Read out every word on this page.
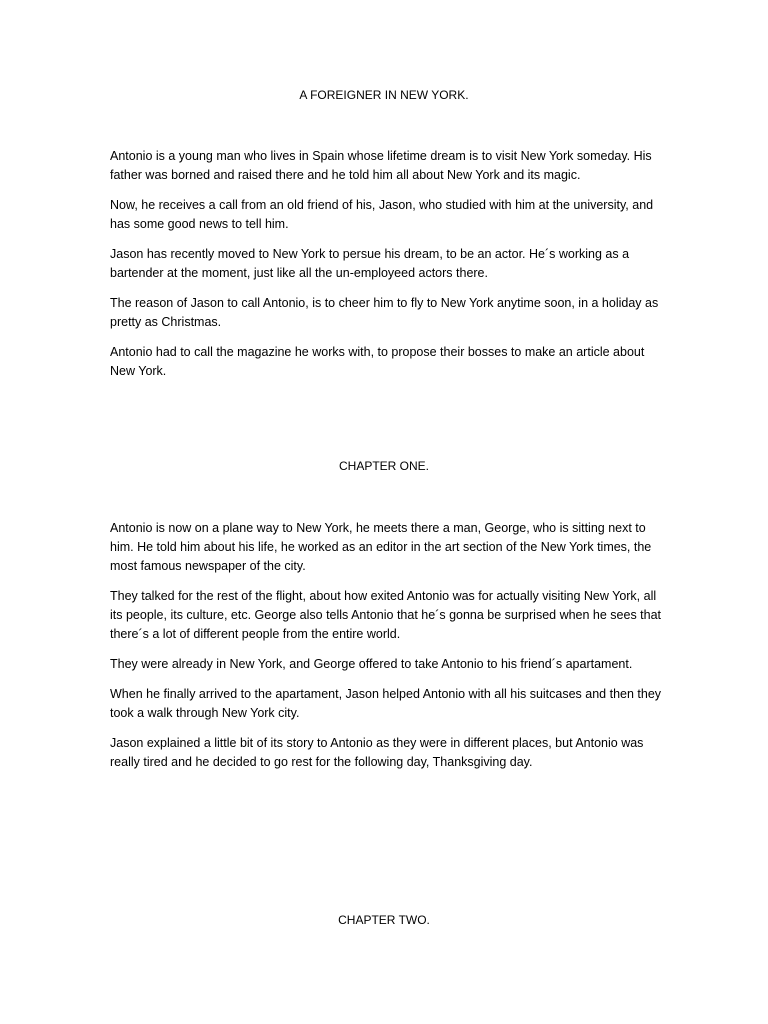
A FOREIGNER IN NEW YORK.

Antonio is a young man who lives in Spain whose lifetime dream is to visit New York someday. His father was borned and raised there and he told him all about New York and its magic.

Now, he receives a call from an old friend of his, Jason, who studied with him at the university, and has some good news to tell him.

Jason has recently moved to New York to persue his dream, to be an actor. He´s working as a bartender at the moment, just like all the un-employeed actors there.

The reason of Jason to call Antonio, is to cheer him to fly to New York anytime soon, in a holiday as pretty as Christmas.

Antonio had to call the magazine he works with, to propose their bosses to make an article about New York.

CHAPTER ONE.

Antonio is now on a plane way to New York, he meets there a man, George, who is sitting next to him. He told him about his life, he worked as an editor in the art section of the New York times, the most famous newspaper of the city.

They talked for the rest of the flight, about how exited Antonio was for actually visiting New York, all its people, its culture, etc. George also tells Antonio that he´s gonna be surprised when he sees that there´s a lot of different people from the entire world.

They were already in New York, and George offered to take Antonio to his friend´s apartament.

When he finally arrived to the apartament, Jason helped Antonio with all his suitcases and then they took a walk through New York city.

Jason explained a little bit of its story to Antonio as they were in different places, but Antonio was really tired and he decided to go rest for the following day, Thanksgiving day.

CHAPTER TWO.
